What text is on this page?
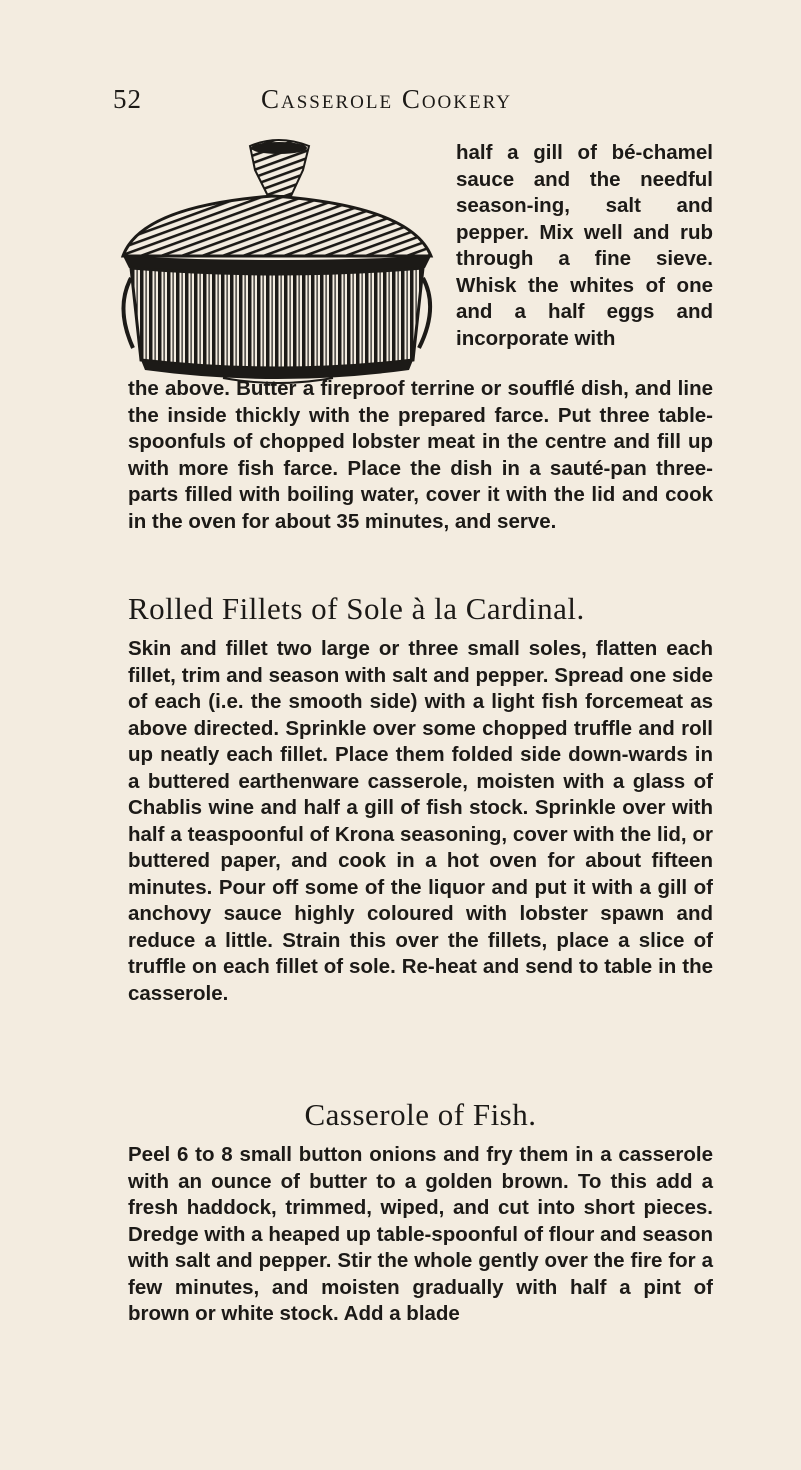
52	Casserole Cookery

half a gill of bé-chamel sauce and the needful season-ing, salt and pepper. Mix well and rub through a fine sieve. Whisk the whites of one and a half eggs and incorporate with

the above. Butter a fireproof terrine or soufflé dish, and line the inside thickly with the prepared farce. Put three table-spoonfuls of chopped lobster meat in the centre and fill up with more fish farce. Place the dish in a sauté-pan three-parts filled with boiling water, cover it with the lid and cook in the oven for about 35 minutes, and serve.

Rolled Fillets of Sole à la Cardinal.

Skin and fillet two large or three small soles, flatten each fillet, trim and season with salt and pepper. Spread one side of each (i.e. the smooth side) with a light fish forcemeat as above directed. Sprinkle over some chopped truffle and roll up neatly each fillet. Place them folded side down-wards in a buttered earthenware casserole, moisten with a glass of Chablis wine and half a gill of fish stock. Sprinkle over with half a teaspoonful of Krona seasoning, cover with the lid, or buttered paper, and cook in a hot oven for about fifteen minutes. Pour off some of the liquor and put it with a gill of anchovy sauce highly coloured with lobster spawn and reduce a little. Strain this over the fillets, place a slice of truffle on each fillet of sole. Re-heat and send to table in the casserole.

Casserole of Fish.

Peel 6 to 8 small button onions and fry them in a casserole with an ounce of butter to a golden brown. To this add a fresh haddock, trimmed, wiped, and cut into short pieces. Dredge with a heaped up table-spoonful of flour and season with salt and pepper. Stir the whole gently over the fire for a few minutes, and moisten gradually with half a pint of brown or white stock. Add a blade
